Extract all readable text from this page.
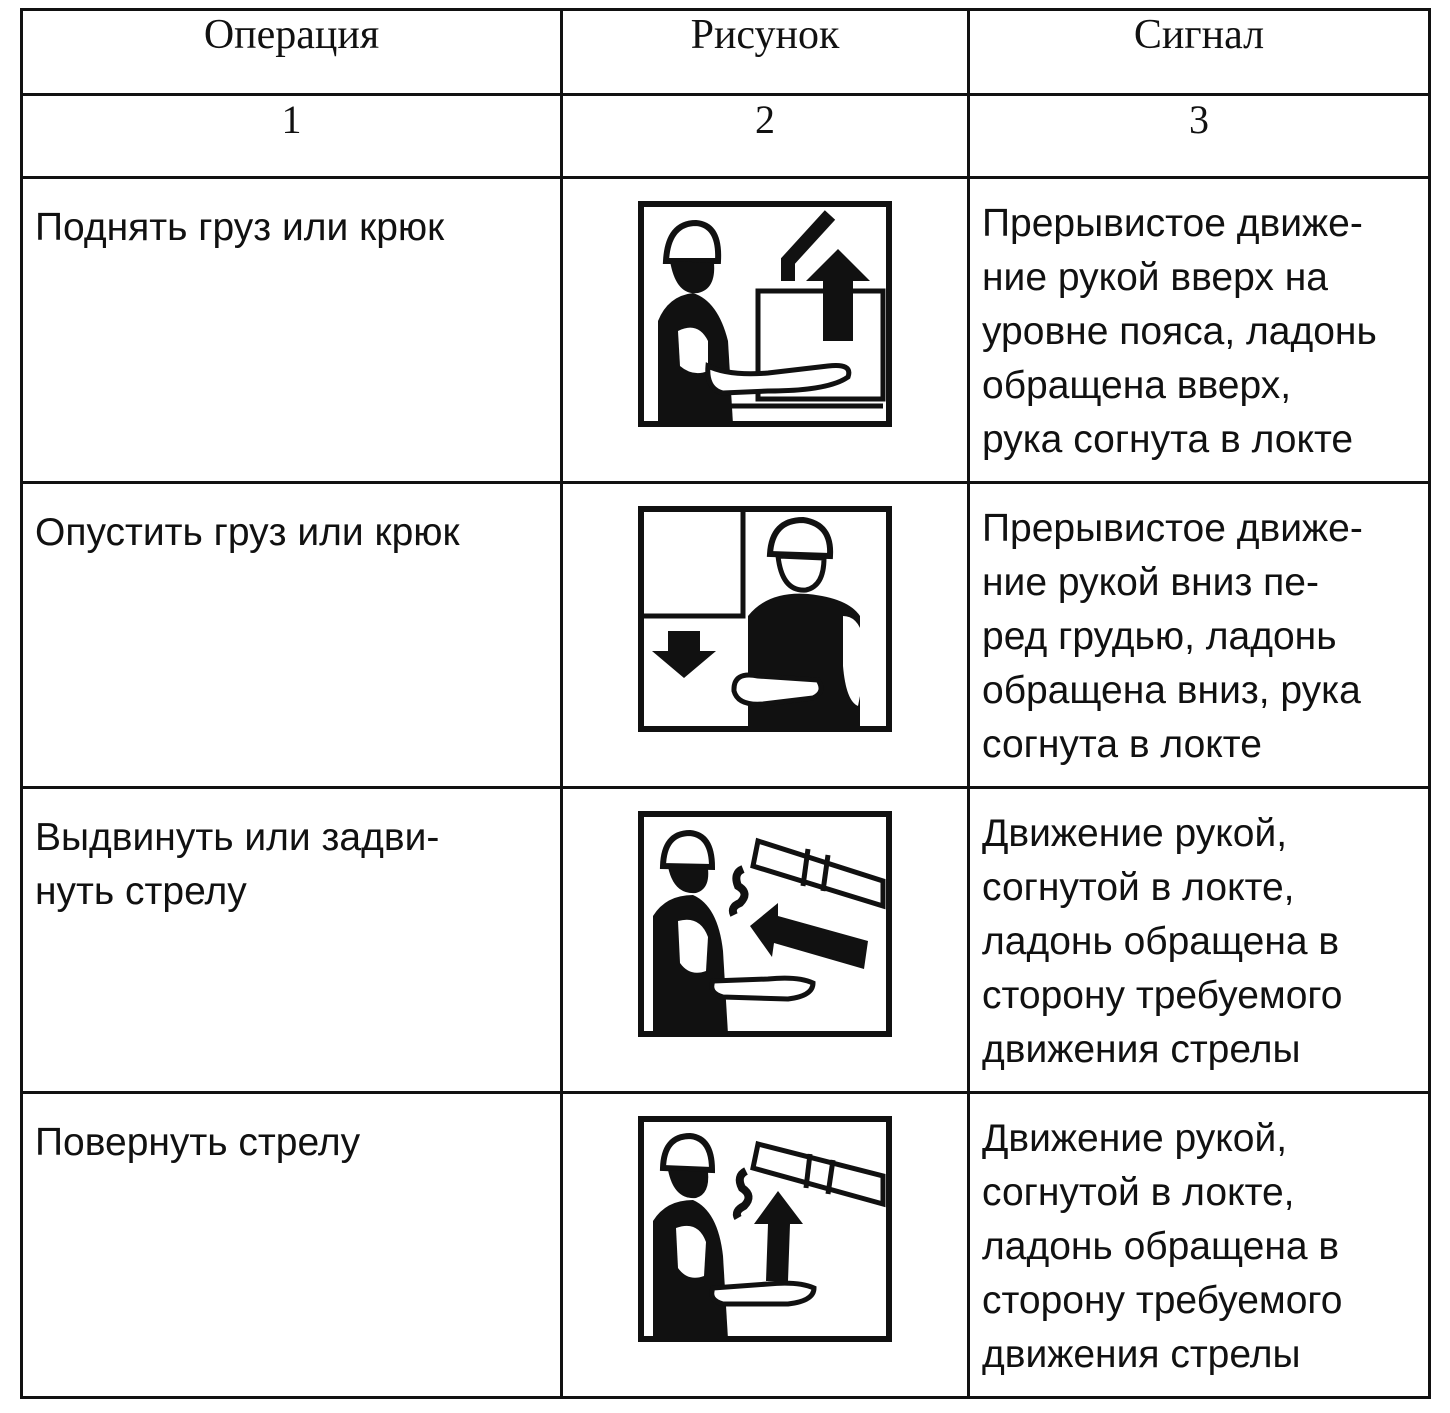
Операция	Рисунок	Сигнал
1	2	3

Поднять груз или крюк		Прерывистое движе-
ние рукой вверх на
уровне пояса, ладонь
обращена вверх,
рука согнута в локте

Опустить груз или крюк		Прерывистое движе-
ние рукой вниз пе-
ред грудью, ладонь
обращена вниз, рука
согнута в локте

Выдвинуть или задви-
нуть стрелу		Движение рукой,
согнутой в локте,
ладонь обращена в
сторону требуемого
движения стрелы

Повернуть стрелу		Движение рукой,
согнутой в локте,
ладонь обращена в
сторону требуемого
движения стрелы
